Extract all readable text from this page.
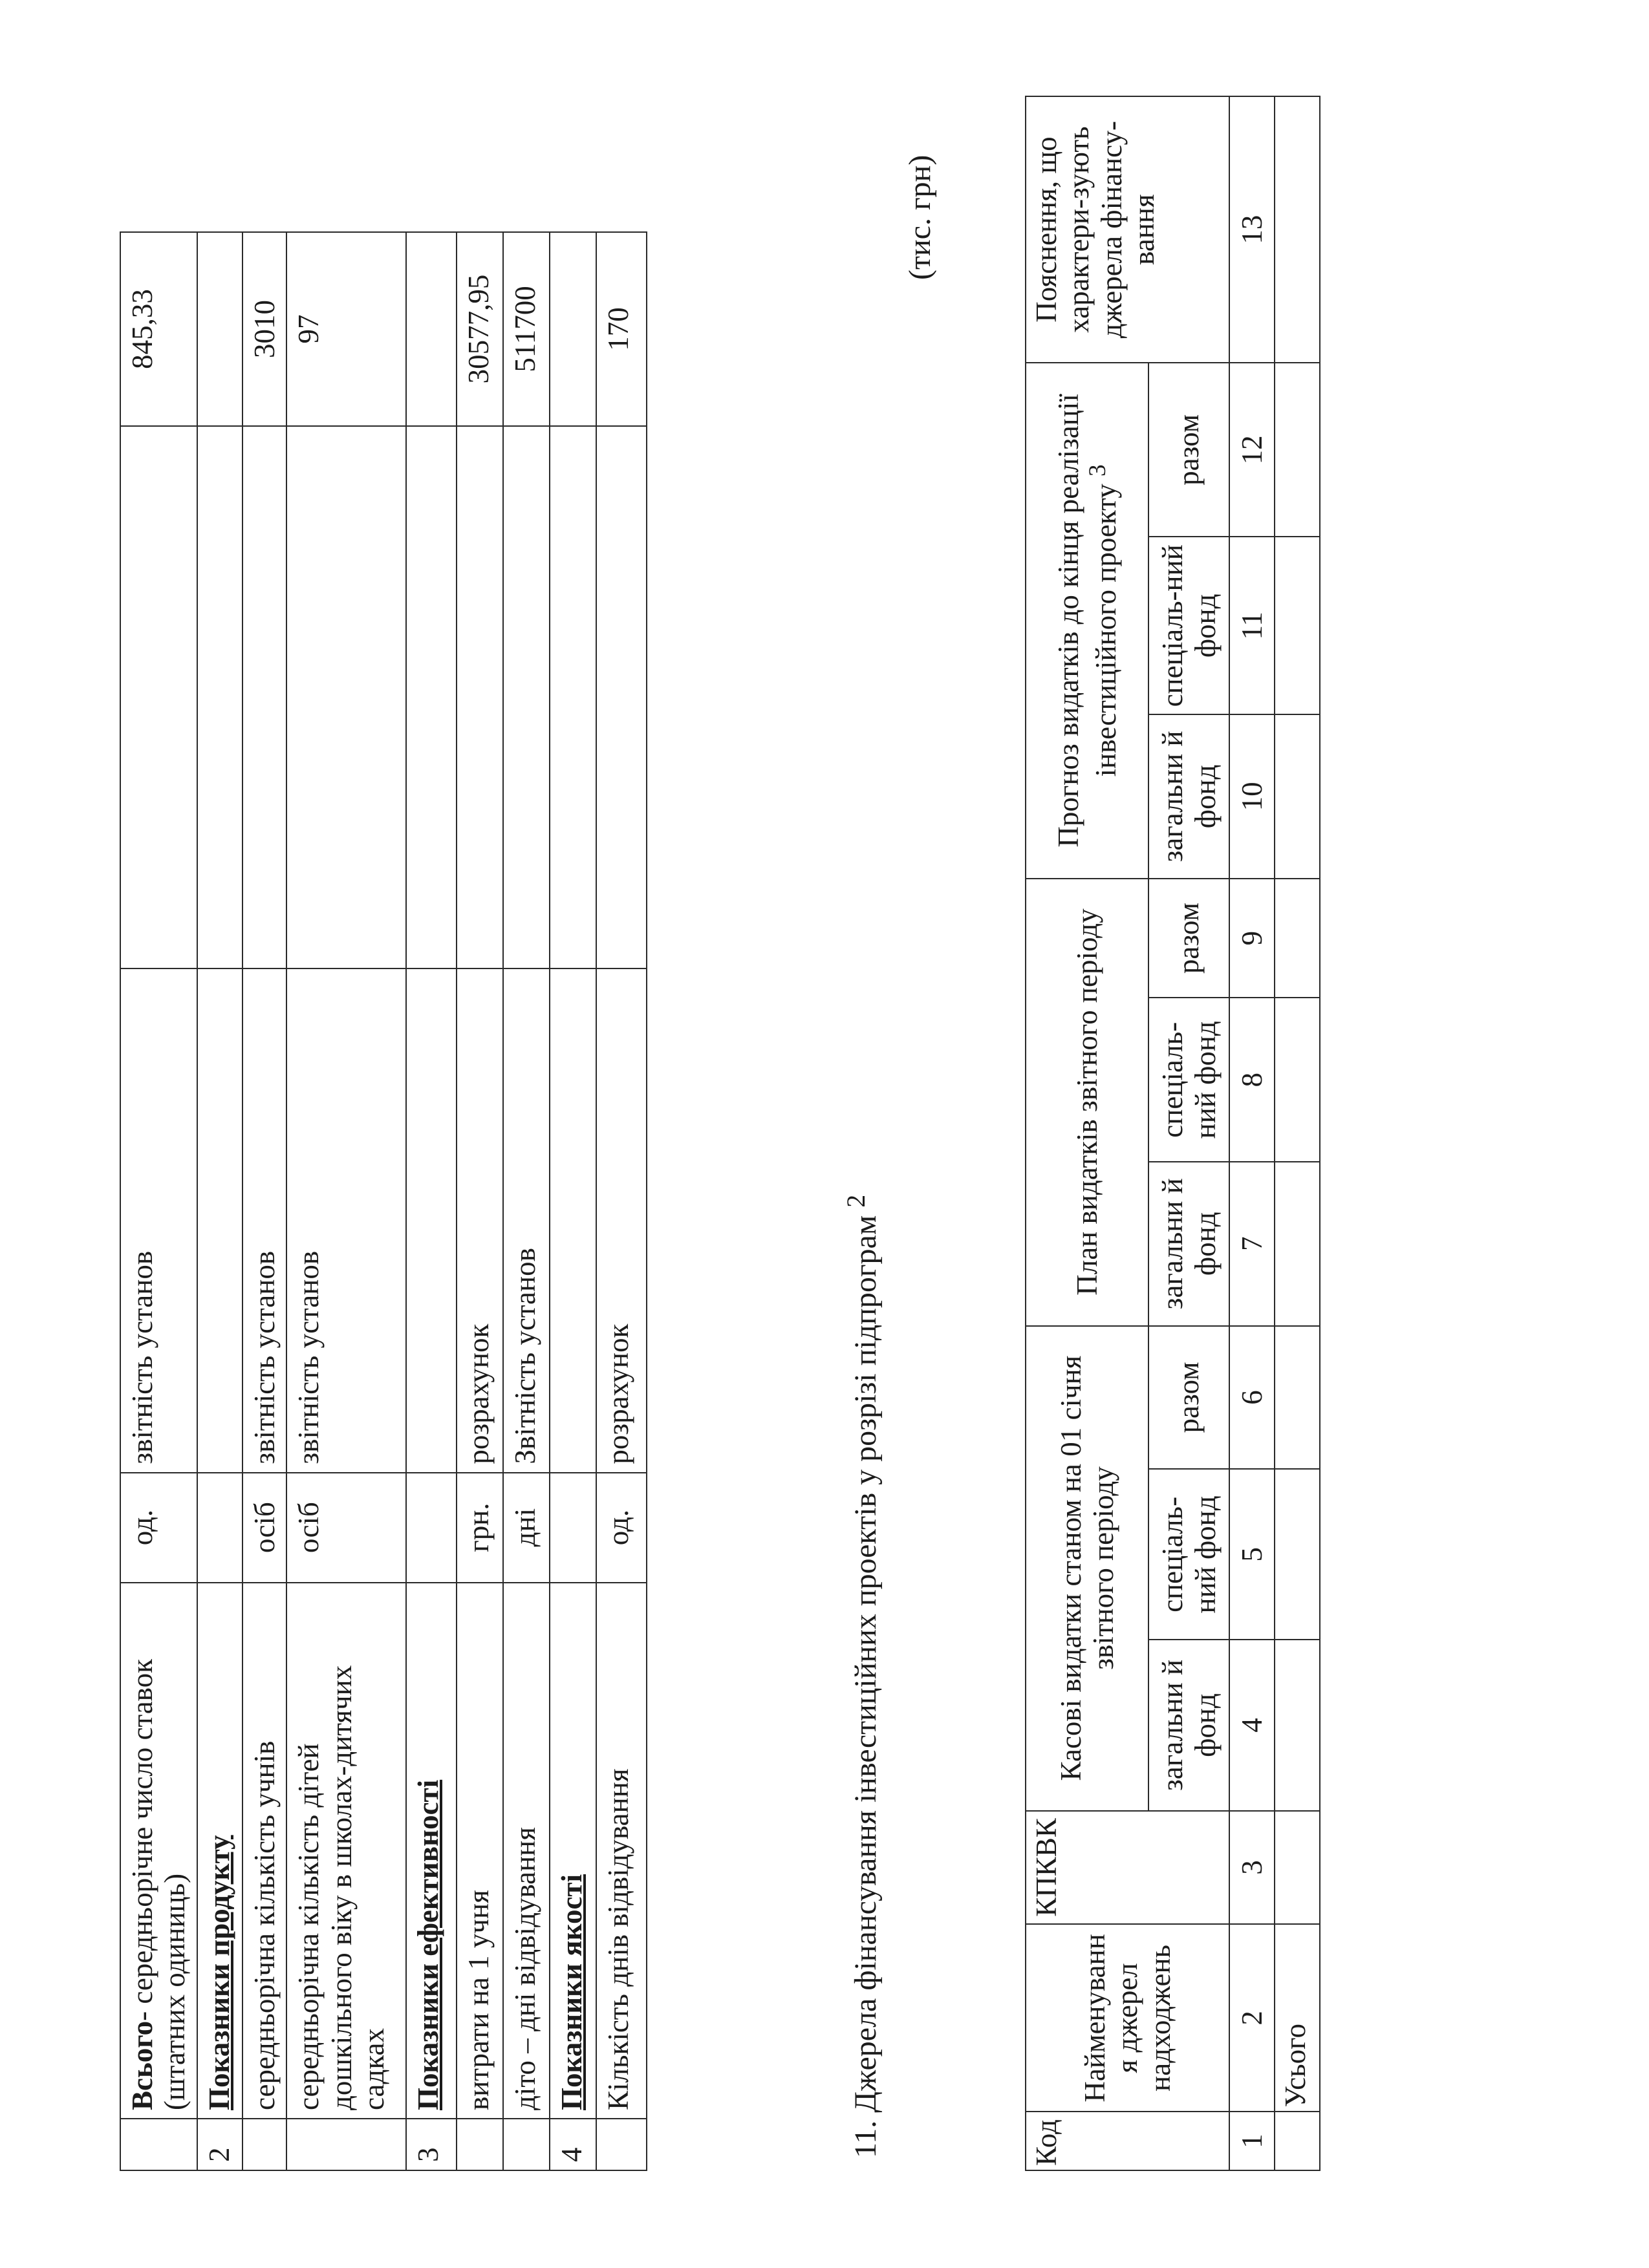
	Всього- середньорічне число ставок (штатних одиниць)	од.	звітність установ		845,33
2	Показники продукту				
	середньорічна кількість учнів	осіб	звітність установ		3010
	середньорічна кількість дітей дошкільного віку в школах-дитячих садках	осіб	звітність установ		97
3	Показники ефективності				
	витрати на 1 учня	грн.	розрахунок		30577,95
	діто – дні відвідування	дні	Звітність установ		511700
4	Показники якості				
	Кількість днів відвідування	од.	розрахунок		170
11. Джерела фінансування інвестиційних проектів у розрізі підпрограм $^2$
(тис. грн)
Код	Найменуванн я джерел надходжень	КПКВК	Касові видатки станом на 01 січня звітного періоду			План видатків звітного періоду			Прогноз видатків до кінця реалізації інвестиційного проекту $^3$			Пояснення, що характери-зують джерела фінансу-вання
			загальни й фонд	спеціаль-ний фонд	разом	загальни й фонд	спеціаль-ний фонд	разом	загальни й фонд	спеціаль-ний фонд	разом	
1	2	3	4	5	6	7	8	9	10	11	12	13
	Усього											
